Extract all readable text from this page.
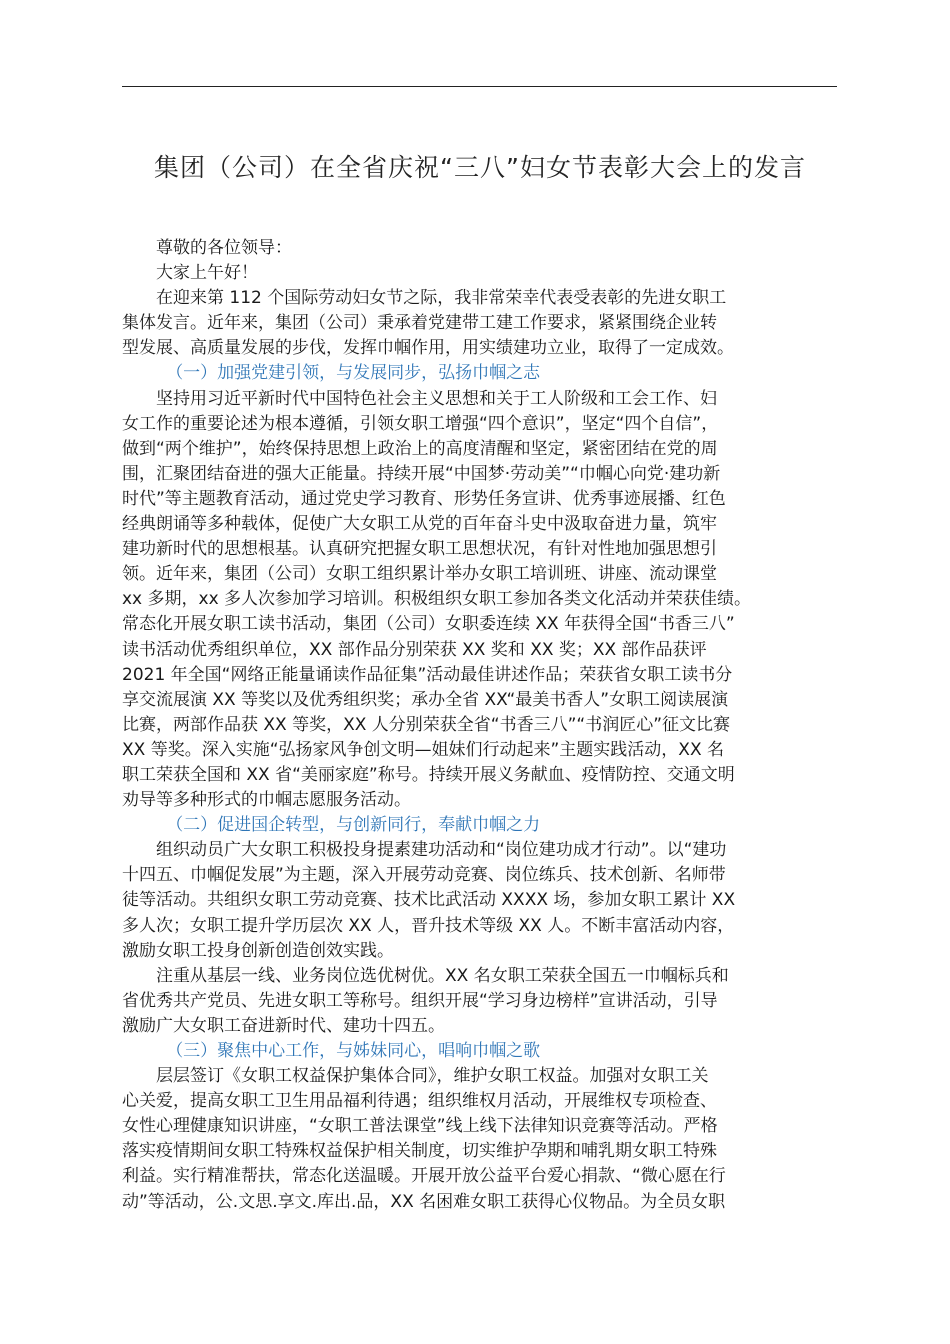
集团（公司）在全省庆祝“三八”妇女节表彰大会上的发言

尊敬的各位领导：

大家上午好！

在迎来第 112 个国际劳动妇女节之际，我非常荣幸代表受表彰的先进女职工
集体发言。近年来，集团（公司）秉承着党建带工建工作要求，紧紧围绕企业转
型发展、高质量发展的步伐，发挥巾帼作用，用实绩建功立业，取得了一定成效。

（一）加强党建引领，与发展同步，弘扬巾帼之志

坚持用习近平新时代中国特色社会主义思想和关于工人阶级和工会工作、妇
女工作的重要论述为根本遵循，引领女职工增强“四个意识”，坚定“四个自信”，
做到“两个维护”，始终保持思想上政治上的高度清醒和坚定，紧密团结在党的周
围，汇聚团结奋进的强大正能量。持续开展“中国梦·劳动美”“巾帼心向党·建功新
时代”等主题教育活动，通过党史学习教育、形势任务宣讲、优秀事迹展播、红色
经典朗诵等多种载体，促使广大女职工从党的百年奋斗史中汲取奋进力量，筑牢
建功新时代的思想根基。认真研究把握女职工思想状况，有针对性地加强思想引
领。近年来，集团（公司）女职工组织累计举办女职工培训班、讲座、流动课堂
xx 多期，xx 多人次参加学习培训。积极组织女职工参加各类文化活动并荣获佳绩。
常态化开展女职工读书活动，集团（公司）女职委连续 XX 年获得全国“书香三八”
读书活动优秀组织单位，XX 部作品分别荣获 XX 奖和 XX 奖；XX 部作品获评
2021 年全国“网络正能量诵读作品征集”活动最佳讲述作品；荣获省女职工读书分
享交流展演 XX 等奖以及优秀组织奖；承办全省 XX“最美书香人”女职工阅读展演
比赛，两部作品获 XX 等奖，XX 人分别荣获全省“书香三八”“书润匠心”征文比赛
XX 等奖。深入实施“弘扬家风争创文明—姐妹们行动起来”主题实践活动，XX 名
职工荣获全国和 XX 省“美丽家庭”称号。持续开展义务献血、疫情防控、交通文明
劝导等多种形式的巾帼志愿服务活动。

（二）促进国企转型，与创新同行，奉献巾帼之力

组织动员广大女职工积极投身提素建功活动和“岗位建功成才行动”。以“建功
十四五、巾帼促发展”为主题，深入开展劳动竞赛、岗位练兵、技术创新、名师带
徒等活动。共组织女职工劳动竞赛、技术比武活动 XXXX 场，参加女职工累计 XX
多人次；女职工提升学历层次 XX 人，晋升技术等级 XX 人。不断丰富活动内容，
激励女职工投身创新创造创效实践。

注重从基层一线、业务岗位选优树优。XX 名女职工荣获全国五一巾帼标兵和
省优秀共产党员、先进女职工等称号。组织开展“学习身边榜样”宣讲活动，引导
激励广大女职工奋进新时代、建功十四五。

（三）聚焦中心工作，与姊妹同心，唱响巾帼之歌

层层签订《女职工权益保护集体合同》，维护女职工权益。加强对女职工关
心关爱，提高女职工卫生用品福利待遇；组织维权月活动，开展维权专项检查、
女性心理健康知识讲座，“女职工普法课堂”线上线下法律知识竞赛等活动。严格
落实疫情期间女职工特殊权益保护相关制度，切实维护孕期和哺乳期女职工特殊
利益。实行精准帮扶，常态化送温暖。开展开放公益平台爱心捐款、“微心愿在行
动”等活动，公.文思.享文.库出.品，XX 名困难女职工获得心仪物品。为全员女职
